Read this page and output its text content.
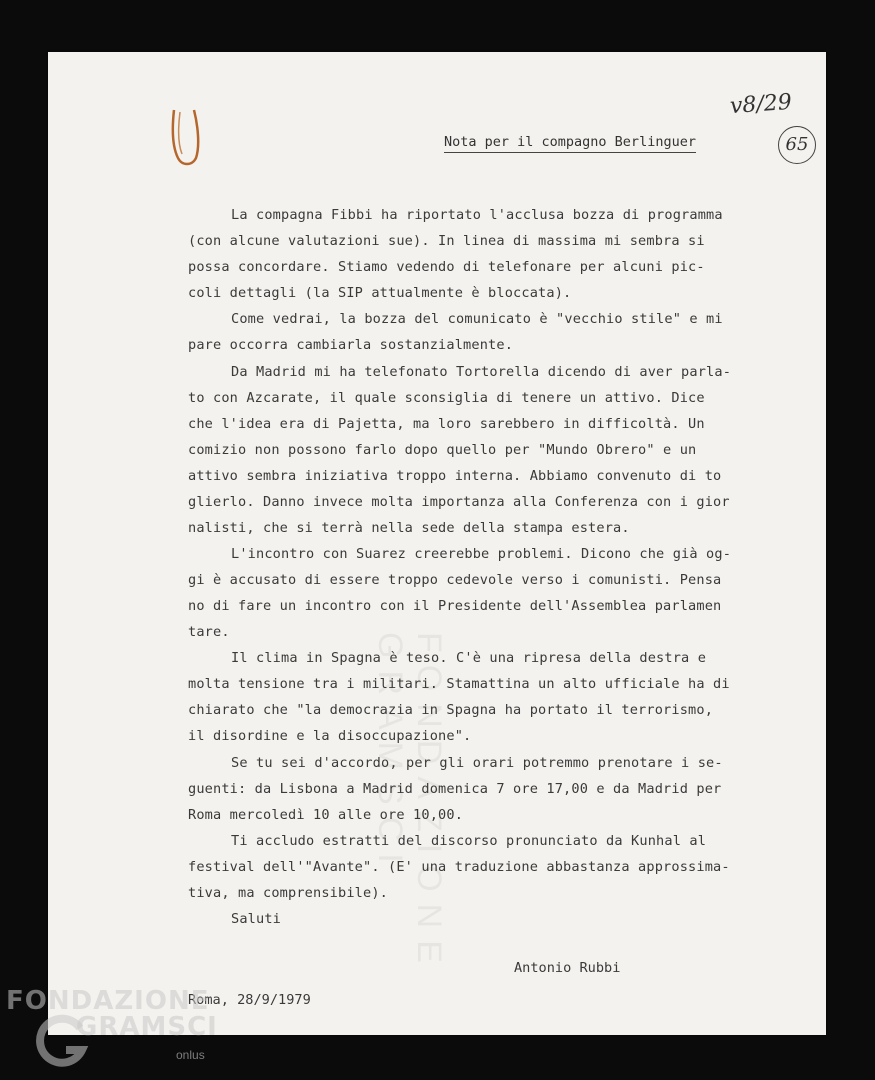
FONDAZIONE GRAMSCI
v8/29
65
Nota per il compagno Berlinguer
La compagna Fibbi ha riportato l'acclusa bozza di programma
(con alcune valutazioni sue). In linea di massima mi sembra si
possa concordare. Stiamo vedendo di telefonare per alcuni pic-
coli dettagli (la SIP attualmente è bloccata).
Come vedrai, la bozza del comunicato è "vecchio stile" e mi
pare occorra cambiarla sostanzialmente.
Da Madrid mi ha telefonato Tortorella dicendo di aver parla-
to con Azcarate, il quale sconsiglia di tenere un attivo. Dice
che l'idea era di Pajetta, ma loro sarebbero in difficoltà. Un
comizio non possono farlo dopo quello per "Mundo Obrero" e un
attivo sembra iniziativa troppo interna. Abbiamo convenuto di to
glierlo. Danno invece molta importanza alla Conferenza con i gior
nalisti, che si terrà nella sede della stampa estera.
L'incontro con Suarez creerebbe problemi. Dicono che già og-
gi è accusato di essere troppo cedevole verso i comunisti. Pensa
no di fare un incontro con il Presidente dell'Assemblea parlamen
tare.
Il clima in Spagna è teso. C'è una ripresa della destra e
molta tensione tra i militari. Stamattina un alto ufficiale ha di
chiarato che "la democrazia in Spagna ha portato il terrorismo,
il disordine e la disoccupazione".
Se tu sei d'accordo, per gli orari potremmo prenotare i se-
guenti: da Lisbona a Madrid domenica 7 ore 17,00 e da Madrid per
Roma mercoledì 10 alle ore 10,00.
Ti accludo estratti del discorso pronunciato da Kunhal al
festival dell'"Avante". (E' una traduzione abbastanza approssima-
tiva, ma comprensibile).
Saluti
Antonio Rubbi
Roma, 28/9/1979
FONDAZIONE
GRAMSCI
onlus
